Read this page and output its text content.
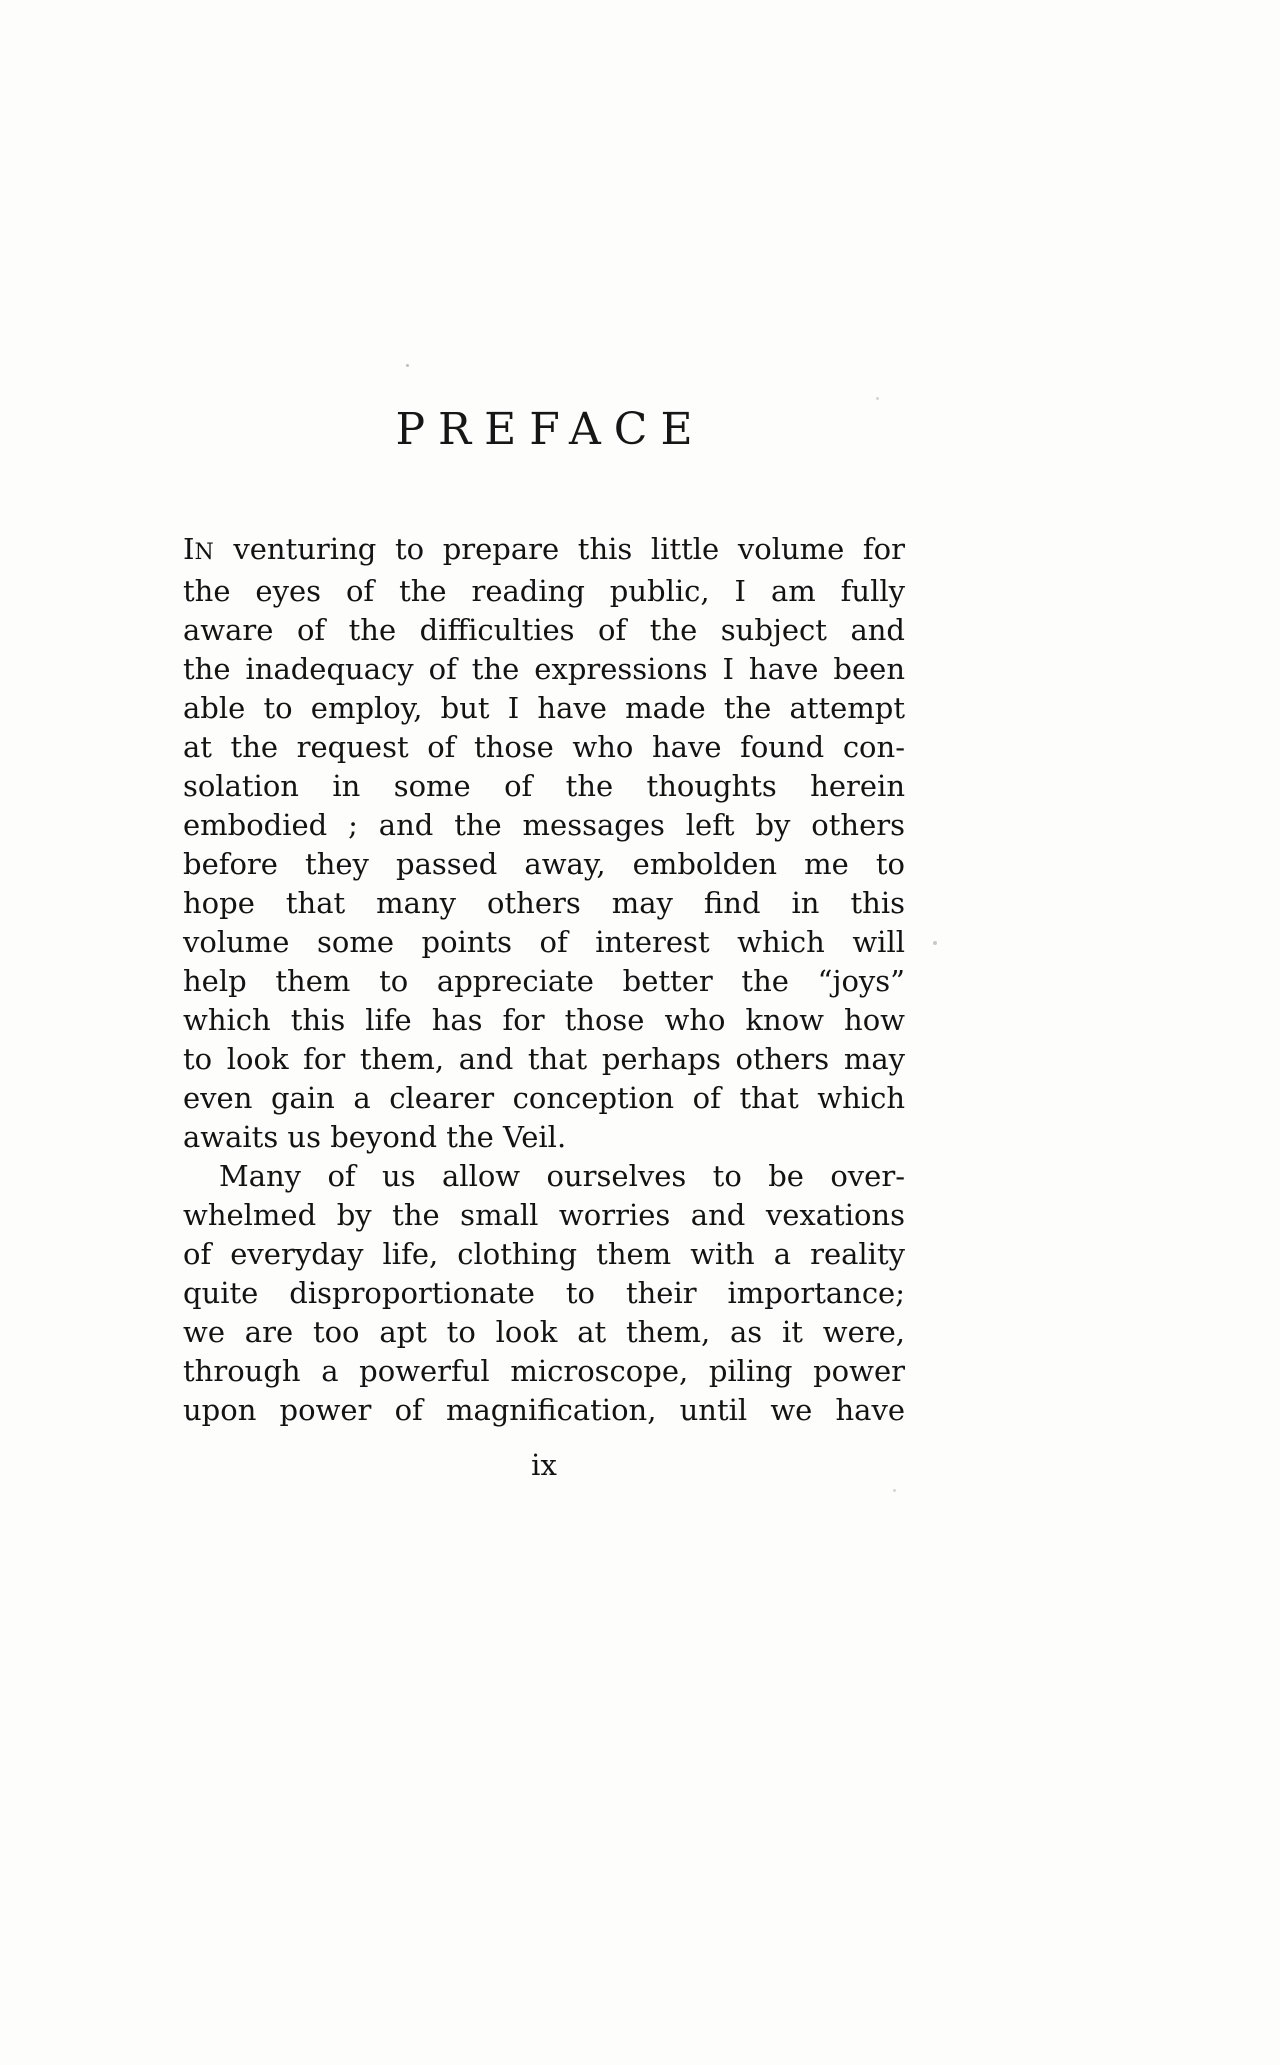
PREFACE

IN venturing to prepare this little volume for
the eyes of the reading public, I am fully
aware of the difficulties of the subject and
the inadequacy of the expressions I have been
able to employ, but I have made the attempt
at the request of those who have found con-
solation in some of the thoughts herein
embodied ; and the messages left by others
before they passed away, embolden me to
hope that many others may find in this
volume some points of interest which will
help them to appreciate better the “joys”
which this life has for those who know how
to look for them, and that perhaps others may
even gain a clearer conception of that which
awaits us beyond the Veil.

Many of us allow ourselves to be over-
whelmed by the small worries and vexations
of everyday life, clothing them with a reality
quite disproportionate to their importance;
we are too apt to look at them, as it were,
through a powerful microscope, piling power
upon power of magnification, until we have

ix
